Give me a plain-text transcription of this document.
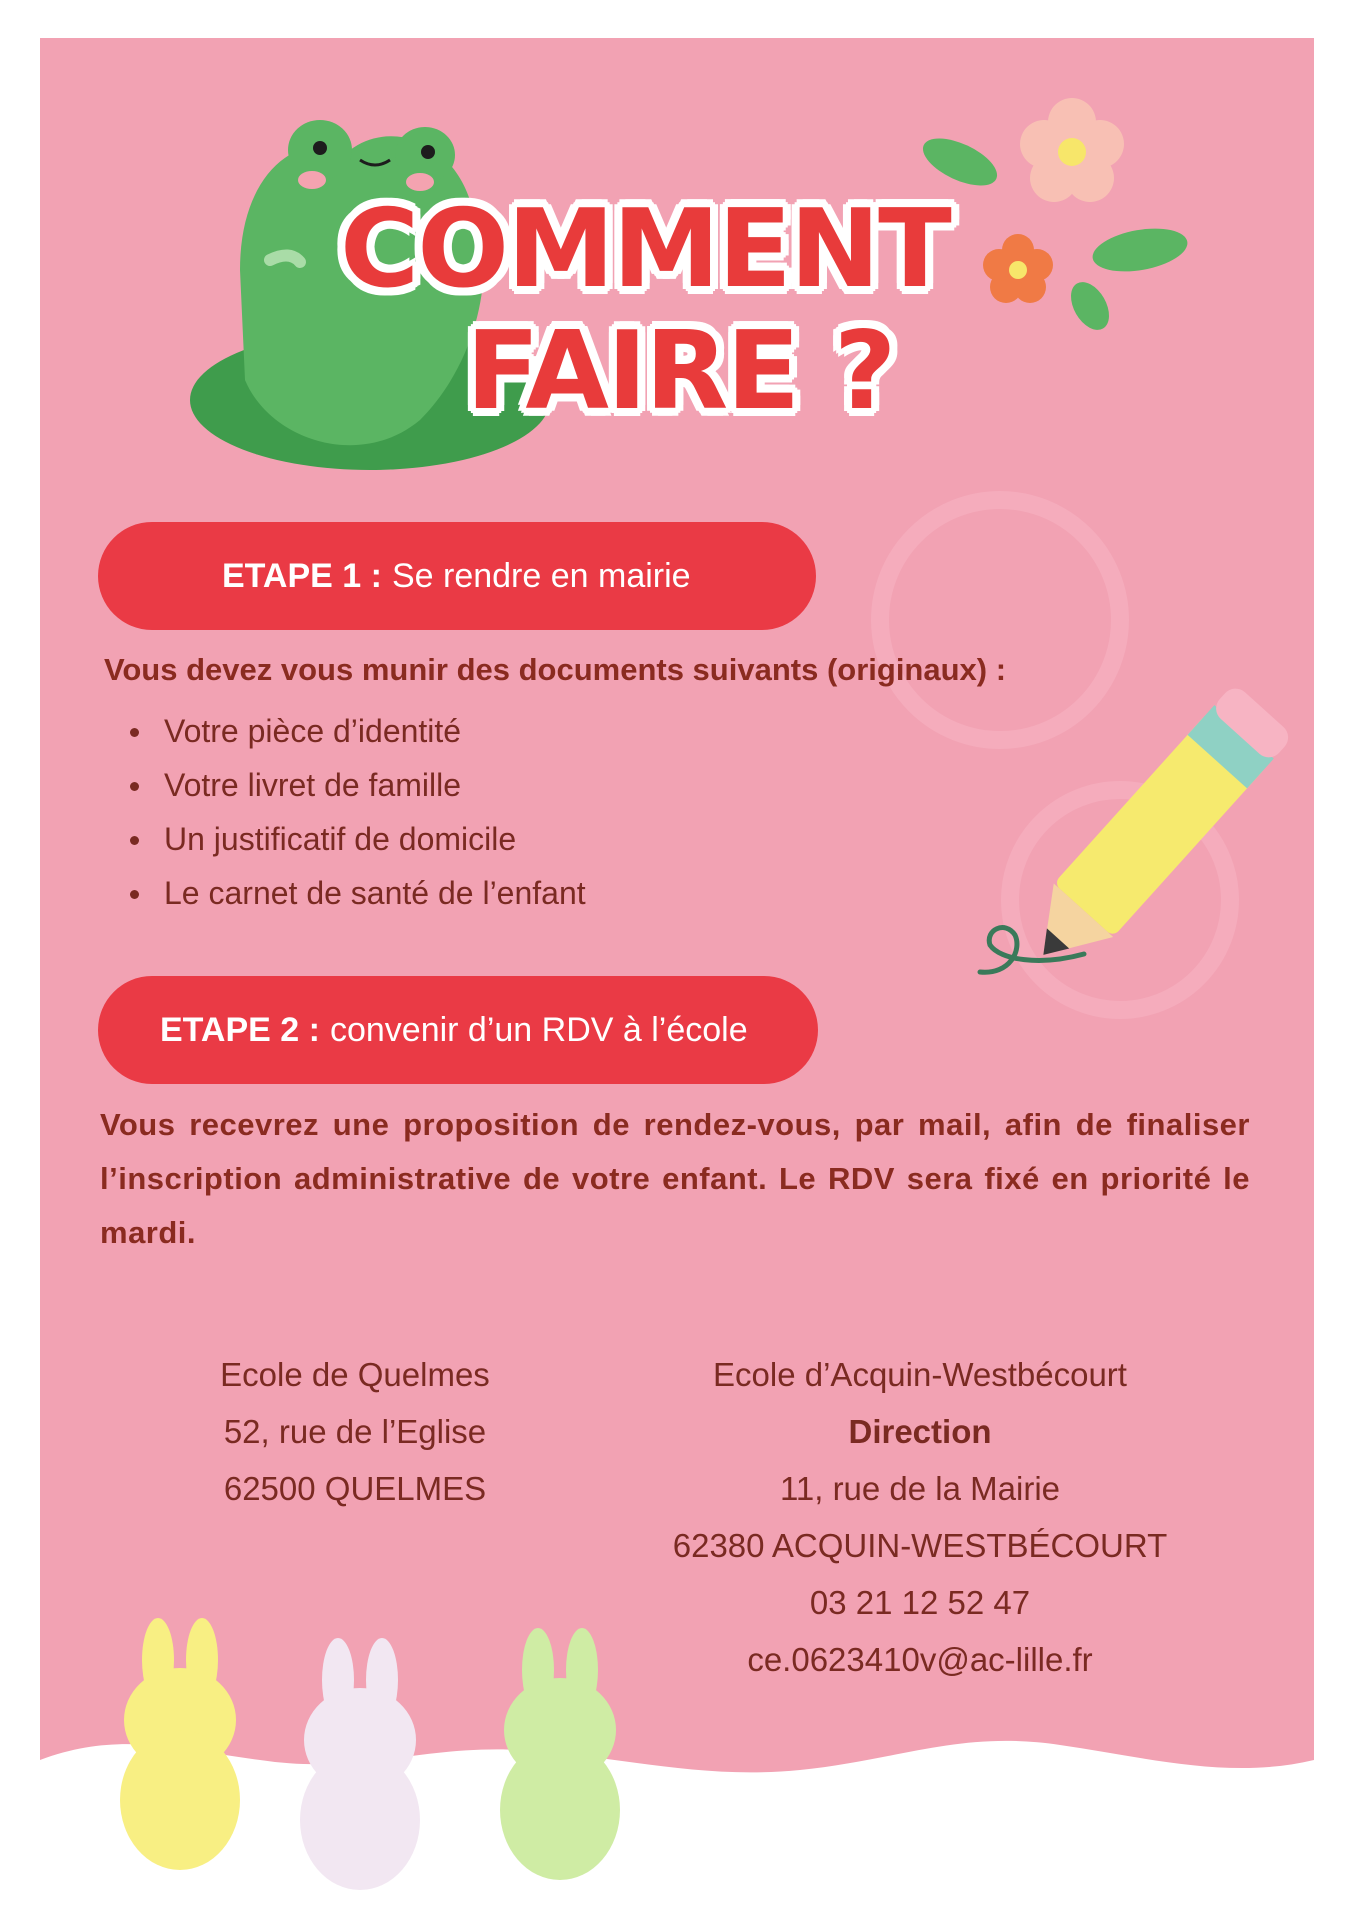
COMMENT
FAIRE ?
ETAPE 1 : Se rendre en mairie
Vous devez vous munir des documents suivants (originaux) :
Votre pièce d’identité
Votre livret de famille
Un justificatif de domicile
Le carnet de santé de l’enfant
ETAPE 2 : convenir d’un RDV à l’école
Vous recevrez une proposition de rendez-vous, par mail, afin de finaliser l’inscription administrative de votre enfant. Le RDV sera fixé en priorité le mardi.
Ecole de Quelmes
52, rue de l’Eglise
62500 QUELMES
Ecole d’Acquin-Westbécourt
Direction
11, rue de la Mairie
62380 ACQUIN-WESTBÉCOURT
03 21 12 52 47
ce.0623410v@ac-lille.fr
